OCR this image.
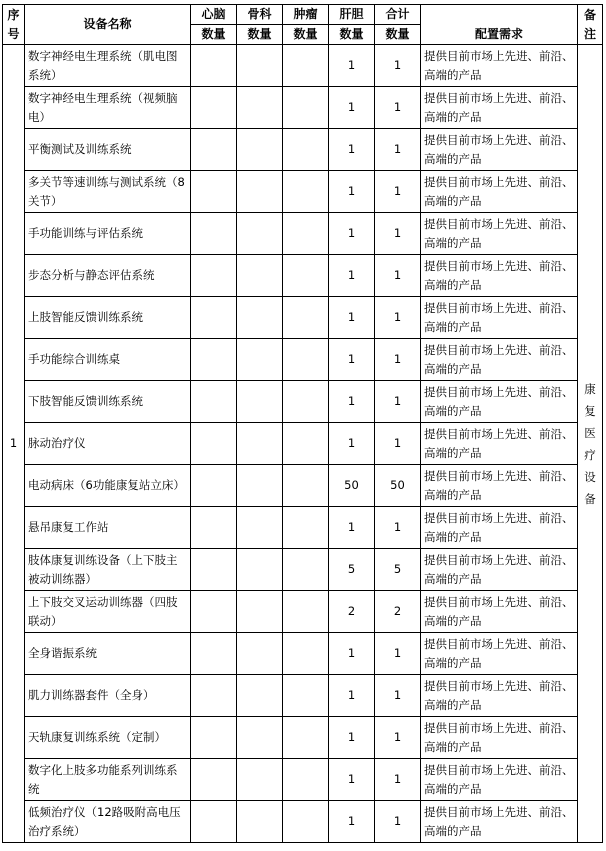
序号	设备名称	心脑	骨科	肿瘤	肝胆	合计	配置需求	备注

		数量	数量	数量	数量	数量		
1	数字神经电生理系统（肌电图系统）				1	1	提供目前市场上先进、前沿、高端的产品	康复医疗设备

	数字神经电生理系统（视频脑电）				1	1	提供目前市场上先进、前沿、高端的产品	
	平衡测试及训练系统				1	1	提供目前市场上先进、前沿、高端的产品	
	多关节等速训练与测试系统（8关节）				1	1	提供目前市场上先进、前沿、高端的产品	
	手功能训练与评估系统				1	1	提供目前市场上先进、前沿、高端的产品	
	步态分析与静态评估系统				1	1	提供目前市场上先进、前沿、高端的产品	
	上肢智能反馈训练系统				1	1	提供目前市场上先进、前沿、高端的产品	
	手功能综合训练桌				1	1	提供目前市场上先进、前沿、高端的产品	
	下肢智能反馈训练系统				1	1	提供目前市场上先进、前沿、高端的产品	
	脉动治疗仪				1	1	提供目前市场上先进、前沿、高端的产品	
	电动病床（6功能康复站立床）				50	50	提供目前市场上先进、前沿、高端的产品	
	悬吊康复工作站				1	1	提供目前市场上先进、前沿、高端的产品	
	肢体康复训练设备（上下肢主被动训练器）				5	5	提供目前市场上先进、前沿、高端的产品	
	上下肢交叉运动训练器（四肢联动）				2	2	提供目前市场上先进、前沿、高端的产品	
	全身谐振系统				1	1	提供目前市场上先进、前沿、高端的产品	
	肌力训练器套件（全身）				1	1	提供目前市场上先进、前沿、高端的产品	
	天轨康复训练系统（定制）				1	1	提供目前市场上先进、前沿、高端的产品	
	数字化上肢多功能系列训练系统				1	1	提供目前市场上先进、前沿、高端的产品	
	低频治疗仪（12路吸附高电压治疗系统）				1	1	提供目前市场上先进、前沿、高端的产品	
